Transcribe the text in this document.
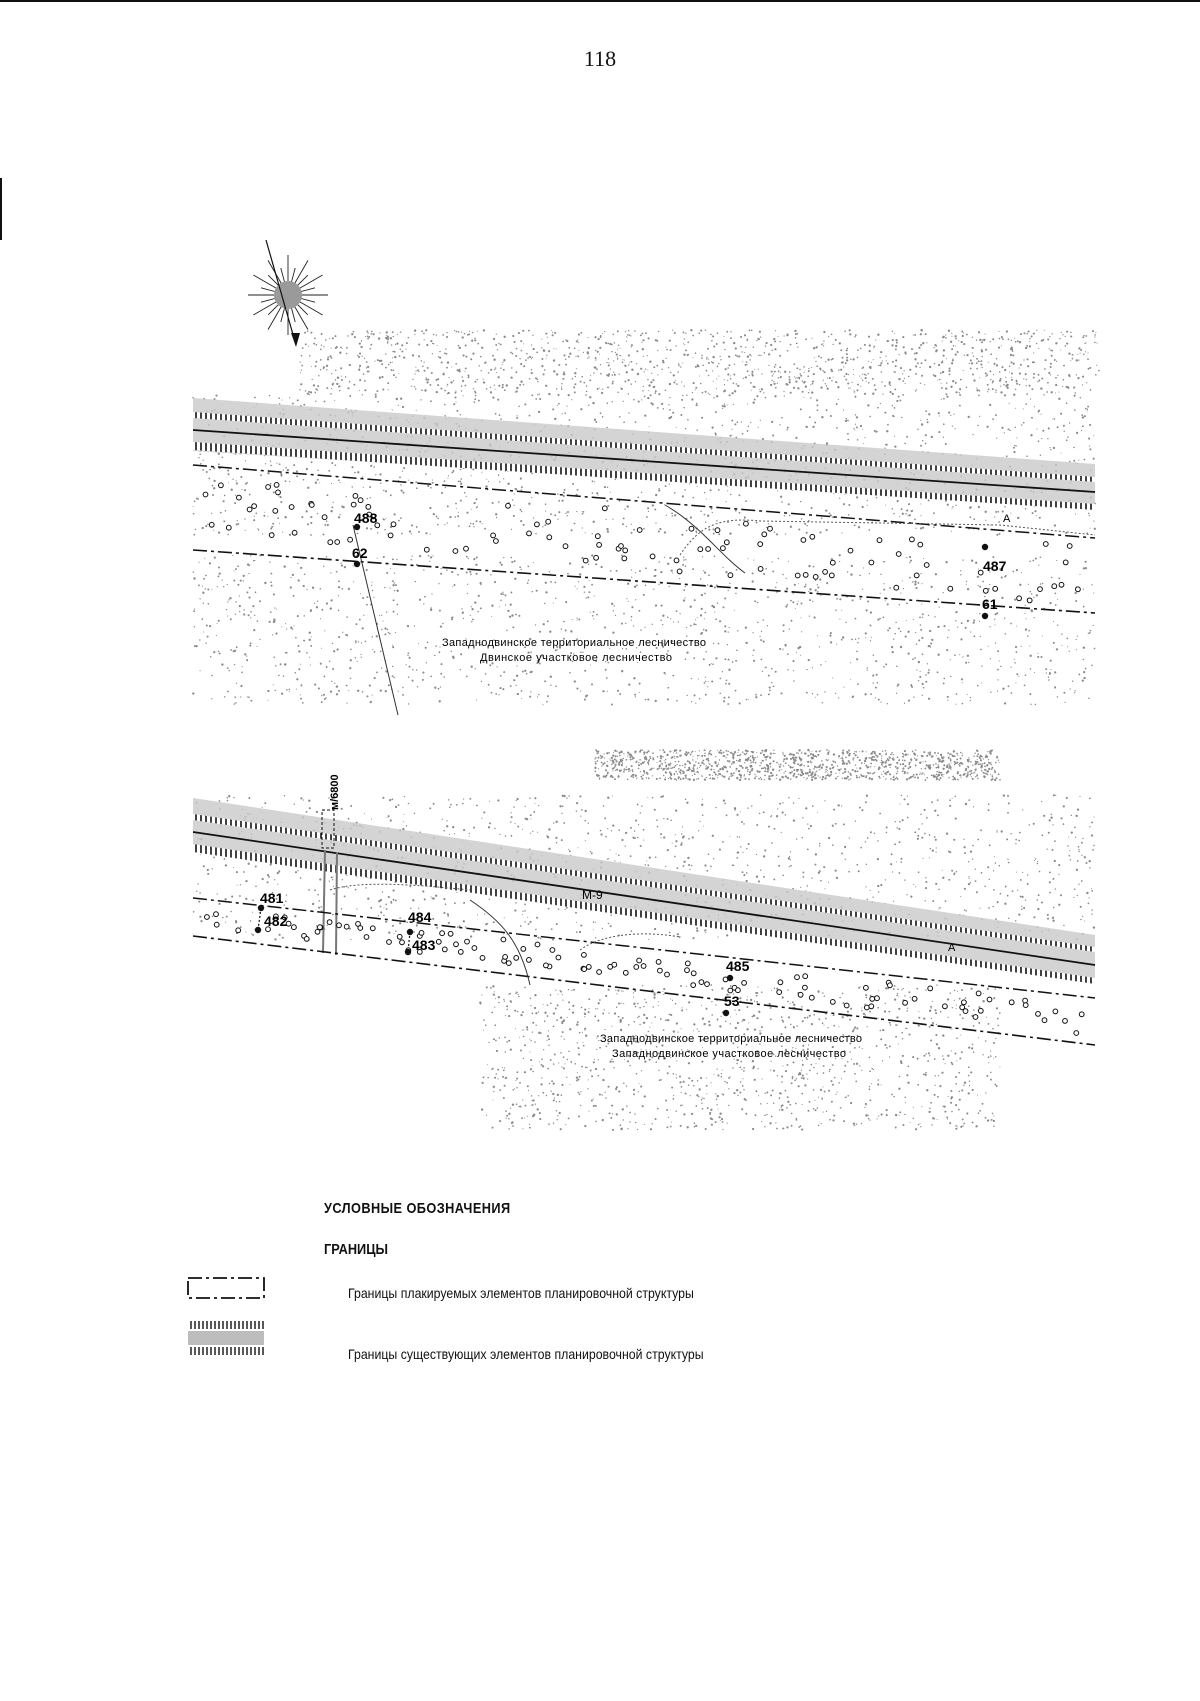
118
488
62
487
61
A
Западнодвинское территориальное лесничество
Двинское участковое лесничество
м/6800
481
482	484
483
485
53
М-9
А
Западнодвинское территориальное лесничество
Западнодвинское участковое лесничество
УСЛОВНЫЕ ОБОЗНАЧЕНИЯ
ГРАНИЦЫ
Границы плакируемых элементов планировочной структуры
Границы существующих элементов планировочной структуры
